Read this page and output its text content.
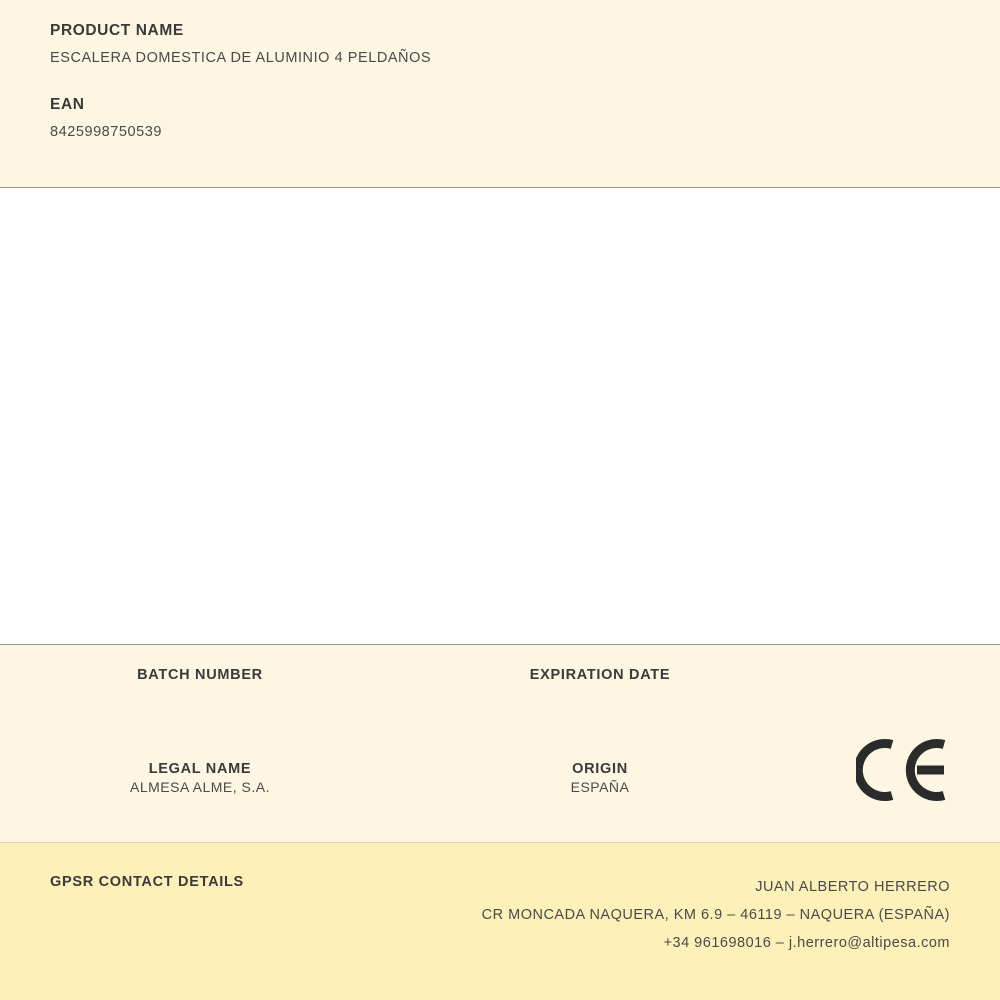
PRODUCT NAME
ESCALERA DOMESTICA DE ALUMINIO 4 PELDAÑOS
EAN
8425998750539
BATCH NUMBER	EXPIRATION DATE
LEGAL NAME
ALMESA ALME, S.A.
ORIGIN
ESPAÑA
GPSR CONTACT DETAILS	JUAN ALBERTO HERRERO
CR MONCADA NAQUERA, KM 6.9 – 46119 – NAQUERA (ESPAÑA)
+34 961698016 – j.herrero@altipesa.com
